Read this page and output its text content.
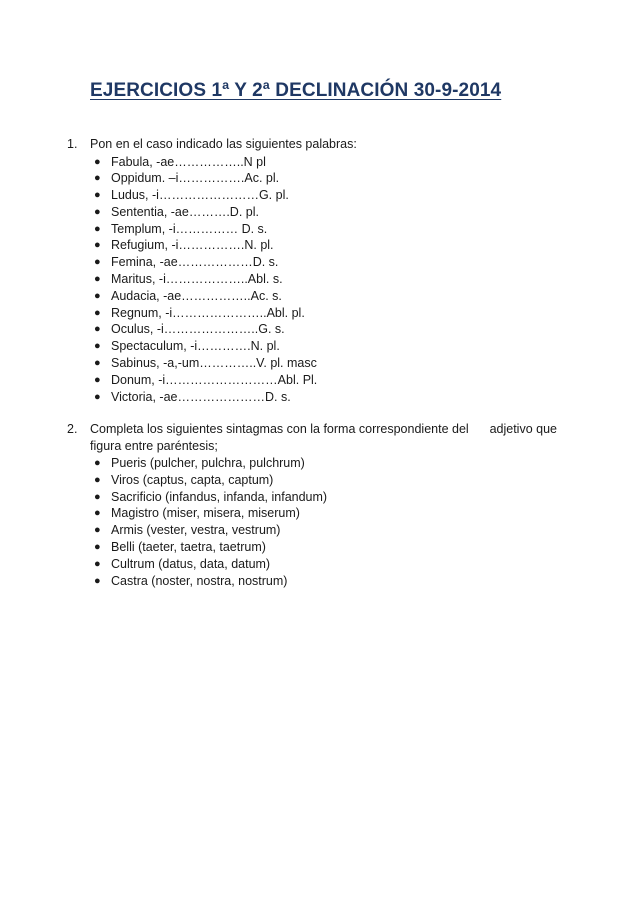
EJERCICIOS 1ª Y 2ª DECLINACIÓN 30-9-2014
1.	Pon en el caso indicado las siguientes palabras:
● Fabula, -ae……………..N pl
● Oppidum. –i…………….Ac. pl.
● Ludus, -i……………………G. pl.
● Sententia, -ae……….D. pl.
● Templum, -i…………… D. s.
● Refugium, -i…………….N. pl.
● Femina, -ae………………D. s.
● Maritus, -i………………..Abl. s.
● Audacia, -ae……………..Ac. s.
● Regnum, -i…………………..Abl. pl.
● Oculus, -i…………………..G. s.
● Spectaculum, -i………….N. pl.
● Sabinus, -a,-um…………..V. pl. masc
● Donum, -i………………………Abl. Pl.
● Victoria, -ae…………………D. s.
2.	Completa los siguientes sintagmas con la forma correspondiente del adjetivo que
figura entre paréntesis;
● Pueris (pulcher, pulchra, pulchrum)
● Viros (captus, capta, captum)
● Sacrificio (infandus, infanda, infandum)
● Magistro (miser, misera, miserum)
● Armis (vester, vestra, vestrum)
● Belli (taeter, taetra, taetrum)
● Cultrum (datus, data, datum)
● Castra (noster, nostra, nostrum)
